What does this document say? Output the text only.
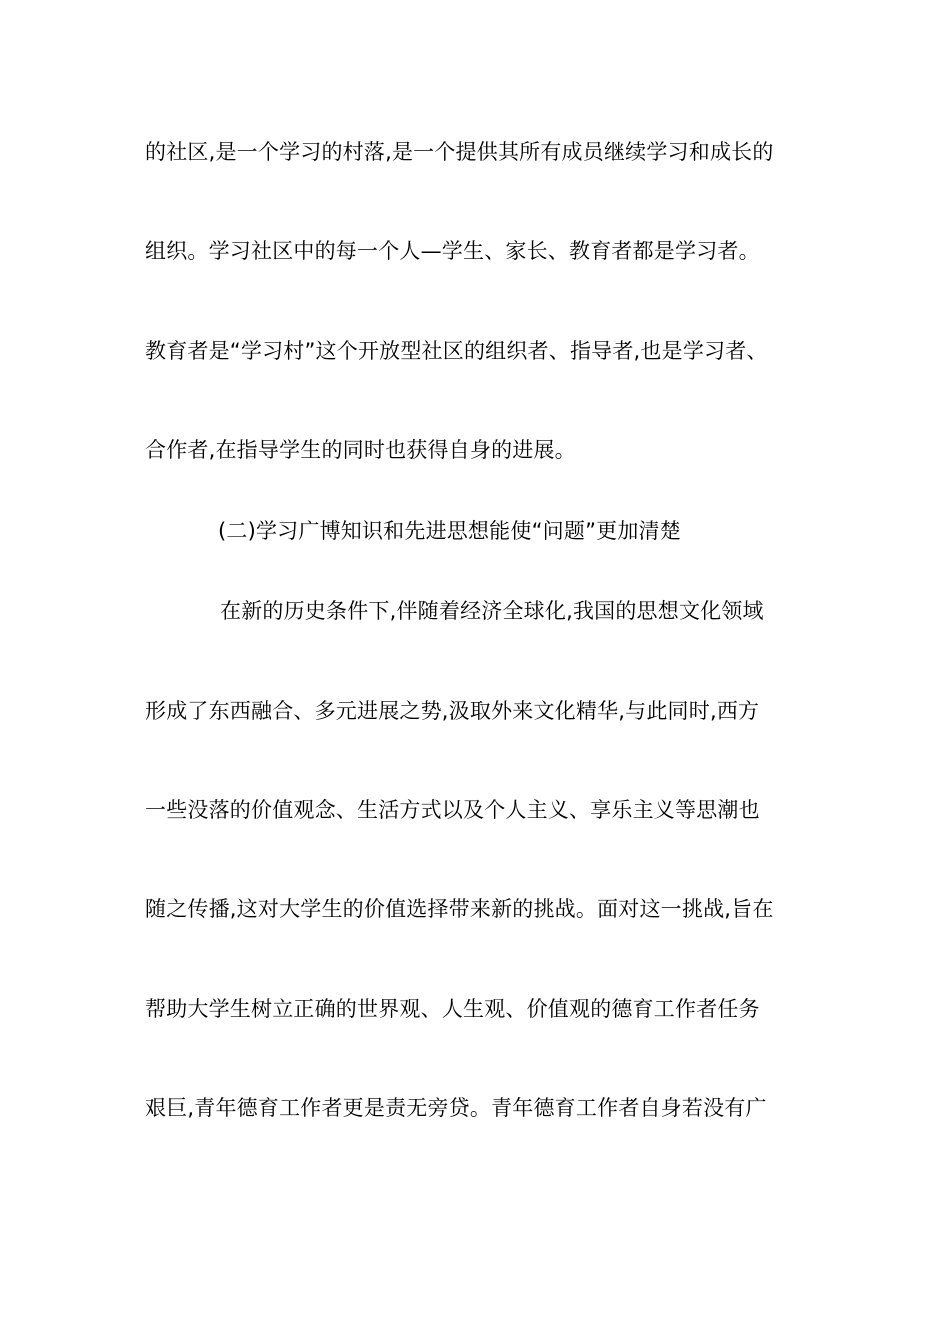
的社区,是一个学习的村落,是一个提供其所有成员继续学习和成长的
组织。学习社区中的每一个人—学生、家长、教育者都是学习者。
教育者是“学习村”这个开放型社区的组织者、指导者,也是学习者、
合作者,在指导学生的同时也获得自身的进展。
(二)学习广博知识和先进思想能使“问题”更加清楚
在新的历史条件下,伴随着经济全球化,我国的思想文化领域
形成了东西融合、多元进展之势,汲取外来文化精华,与此同时,西方
一些没落的价值观念、生活方式以及个人主义、享乐主义等思潮也
随之传播,这对大学生的价值选择带来新的挑战。面对这一挑战,旨在
帮助大学生树立正确的世界观、人生观、价值观的德育工作者任务
艰巨,青年德育工作者更是责无旁贷。青年德育工作者自身若没有广
